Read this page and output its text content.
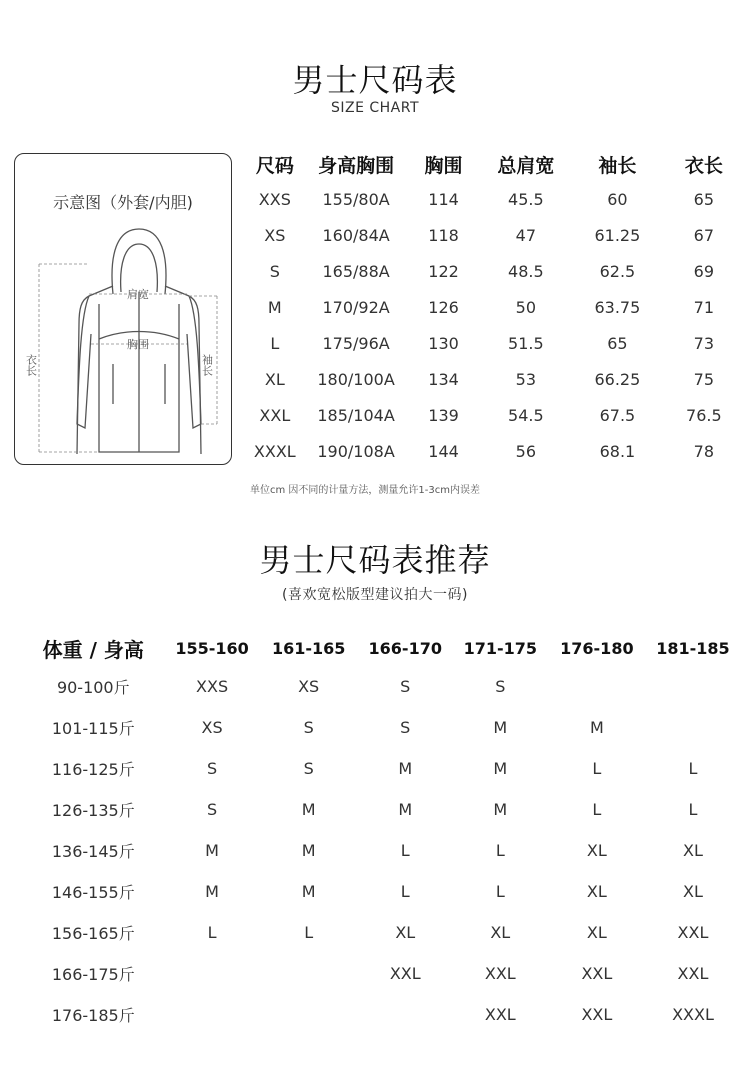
男士尺码表
SIZE CHART
示意图（外套/内胆)
肩宽
胸围
衣长	袖长
尺码	身高胸围	胸围	总肩宽	袖长	衣长
XXS	155/80A	114	45.5	60	65
XS	160/84A	118	47	61.25	67
S	165/88A	122	48.5	62.5	69
M	170/92A	126	50	63.75	71
L	175/96A	130	51.5	65	73
XL	180/100A	134	53	66.25	75
XXL	185/104A	139	54.5	67.5	76.5
XXXL	190/108A	144	56	68.1	78
单位cm 因不同的计量方法，测量允许1-3cm内误差
男士尺码表推荐
(喜欢宽松版型建议拍大一码)
体重 / 身高	155-160	161-165	166-170	171-175	176-180	181-185
90-100斤	XXS	XS	S	S		
101-115斤	XS	S	S	M	M	
116-125斤	S	S	M	M	L	L
126-135斤	S	M	M	M	L	L
136-145斤	M	M	L	L	XL	XL
146-155斤	M	M	L	L	XL	XL
156-165斤	L	L	XL	XL	XL	XXL
166-175斤			XXL	XXL	XXL	XXL
176-185斤				XXL	XXL	XXXL
